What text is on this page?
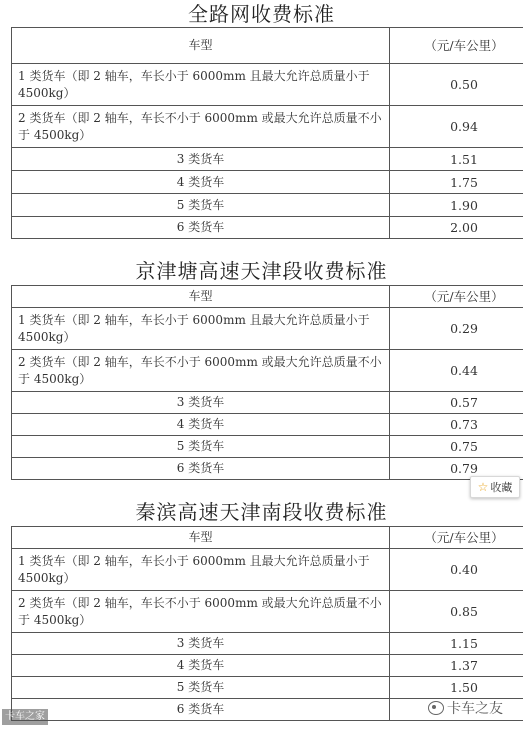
全路网收费标准
车型	（元/车公里）
1 类货车（即 2 轴车，车长小于 6000mm 且最大允许总质量小于 4500kg）	0.50
2 类货车（即 2 轴车，车长不小于 6000mm 或最大允许总质量不小于 4500kg）	0.94
3 类货车	1.51
4 类货车	1.75
5 类货车	1.90
6 类货车	2.00
京津塘高速天津段收费标准
车型	（元/车公里）
1 类货车（即 2 轴车，车长小于 6000mm 且最大允许总质量小于 4500kg）	0.29
2 类货车（即 2 轴车，车长不小于 6000mm 或最大允许总质量不小于 4500kg）	0.44
3 类货车	0.57
4 类货车	0.73
5 类货车	0.75
6 类货车	0.79
☆ 收藏
秦滨高速天津南段收费标准
车型	（元/车公里）
1 类货车（即 2 轴车，车长小于 6000mm 且最大允许总质量小于 4500kg）	0.40
2 类货车（即 2 轴车，车长不小于 6000mm 或最大允许总质量不小于 4500kg）	0.85
3 类货车	1.15
4 类货车	1.37
5 类货车	1.50
6 类货车	
卡车之家	卡车之友
